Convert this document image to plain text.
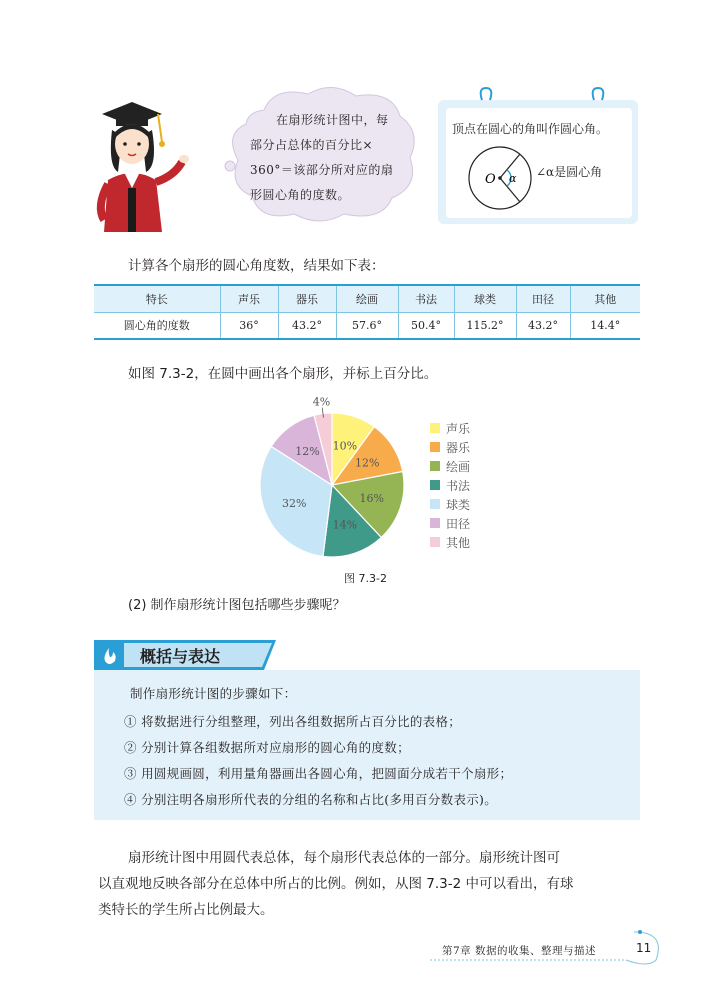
在扇形统计图中，每
部分占总体的百分比×
360°＝该部分所对应的扇
形圆心角的度数。
O α
顶点在圆心的角叫作圆心角。
∠α是圆心角
计算各个扇形的圆心角度数，结果如下表：
特长	声乐	器乐	绘画	书法	球类	田径	其他
圆心角的度数	36°	43.2°	57.6°	50.4°	115.2°	43.2°	14.4°
如图 7.3-2，在圆中画出各个扇形，并标上百分比。
10%
12%
16%
14%
32%
12%
4%
声乐
器乐
绘画
书法
球类
田径
其他
图 7.3-2
(2) 制作扇形统计图包括哪些步骤呢？
概括与表达
制作扇形统计图的步骤如下：
① 将数据进行分组整理，列出各组数据所占百分比的表格；
② 分别计算各组数据所对应扇形的圆心角的度数；
③ 用圆规画圆，利用量角器画出各圆心角，把圆面分成若干个扇形；
④ 分别注明各扇形所代表的分组的名称和占比(多用百分数表示)。
扇形统计图中用圆代表总体，每个扇形代表总体的一部分。扇形统计图可
以直观地反映各部分在总体中所占的比例。例如，从图 7.3-2 中可以看出，有球
类特长的学生所占比例最大。
第7章 数据的收集、整理与描述	11
